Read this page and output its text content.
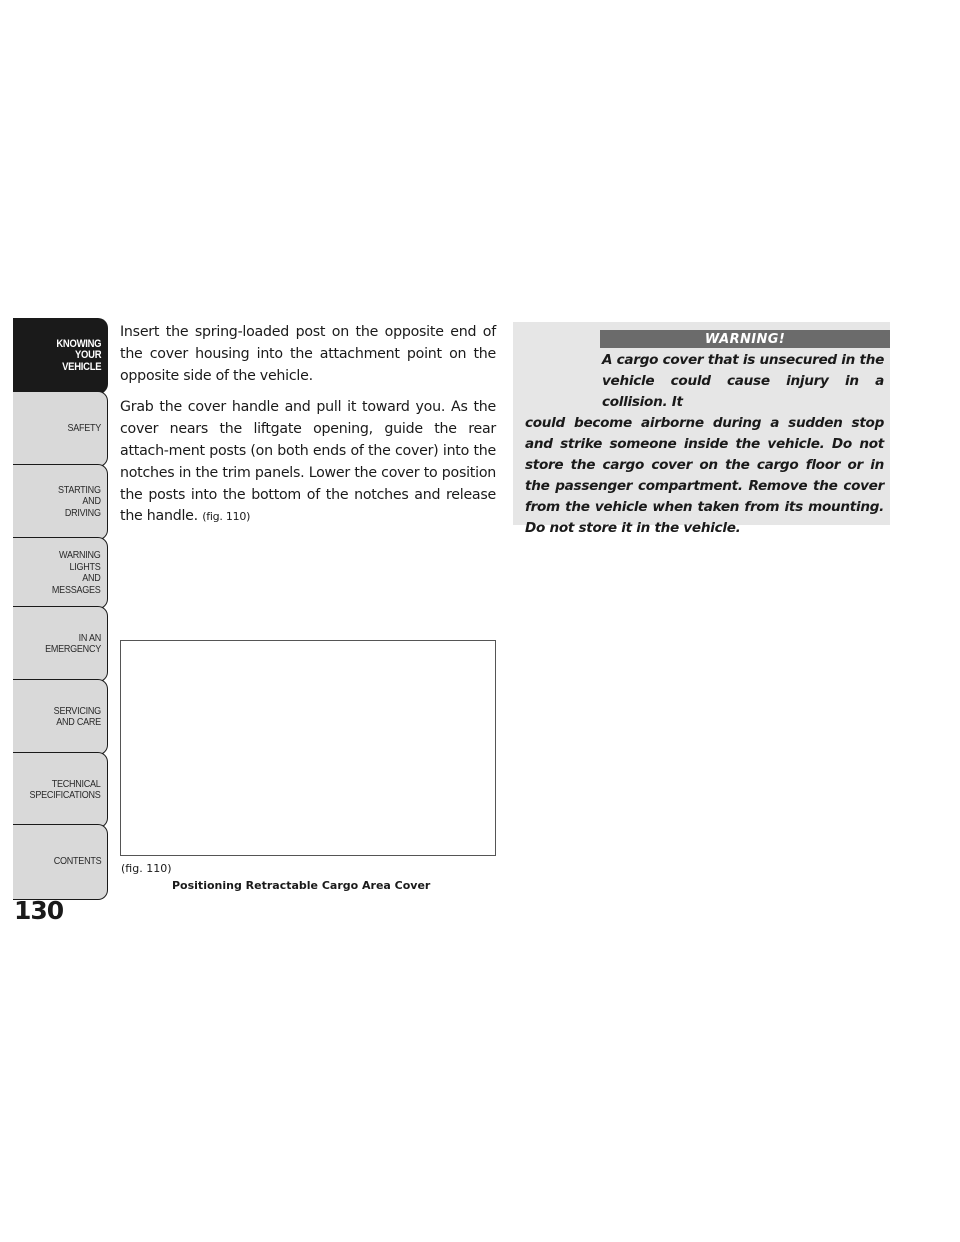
KNOWING
YOUR
VEHICLE
SAFETY
STARTING
AND
DRIVING
WARNING
LIGHTS
AND
MESSAGES
IN AN
EMERGENCY
SERVICING
AND CARE
TECHNICAL
SPECIFICATIONS
CONTENTS
130

Insert the spring-loaded post on the opposite end of the cover housing into the attachment point on the opposite side of the vehicle.

Grab the cover handle and pull it toward you. As the cover nears the liftgate opening, guide the rear attach-ment posts (on both ends of the cover) into the notches in the trim panels. Lower the cover to position the posts into the bottom of the notches and release the handle. (fig. 110)

(fig. 110)
Positioning Retractable Cargo Area Cover
WARNING!
A cargo cover that is unsecured in the vehicle could cause injury in a collision. It
could become airborne during a sudden stop and strike someone inside the vehicle. Do not store the cargo cover on the cargo floor or in the passenger compartment. Remove the cover from the vehicle when taken from its mounting. Do not store it in the vehicle.
